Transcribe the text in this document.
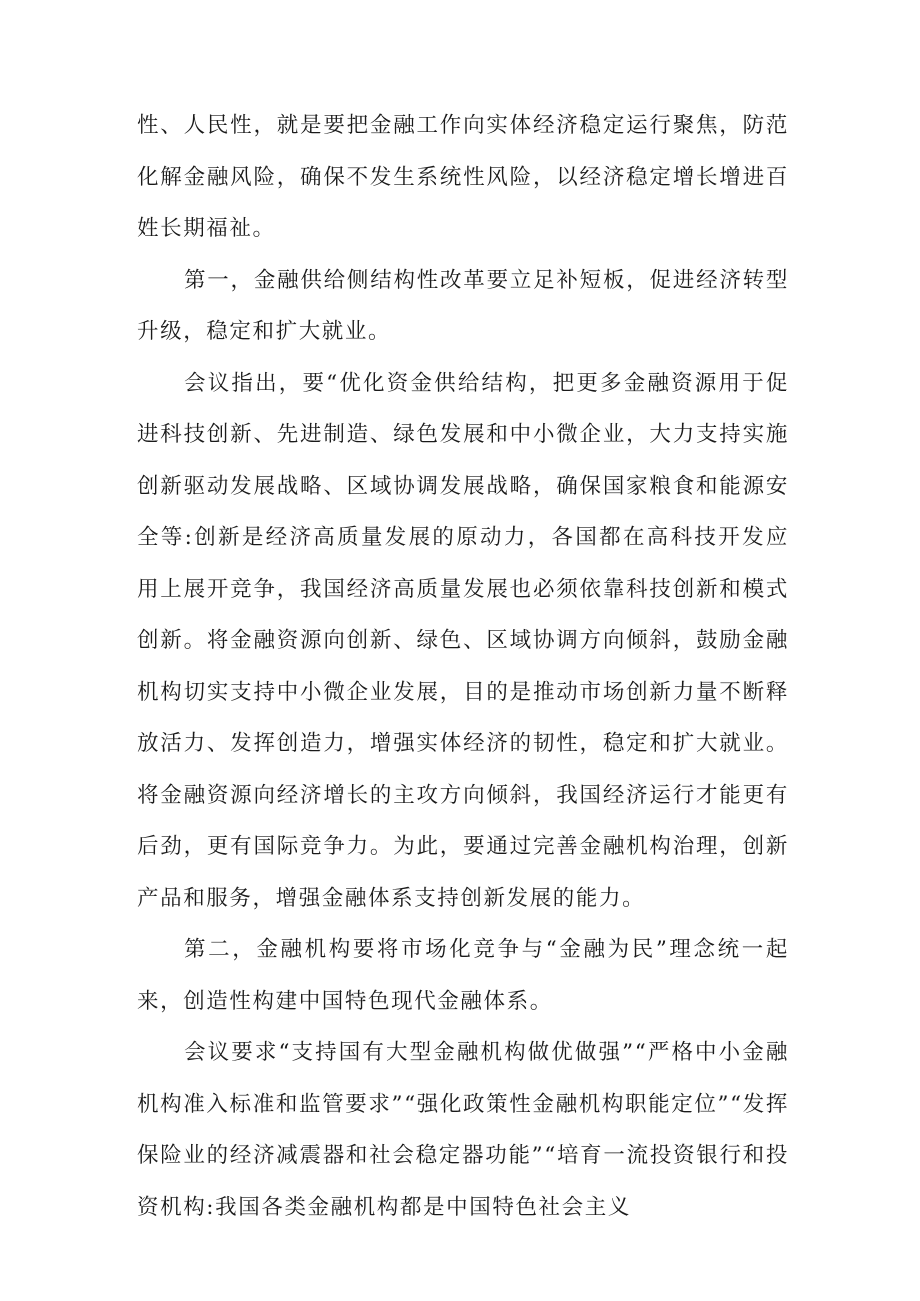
性、人民性，就是要把金融工作向实体经济稳定运行聚焦，防范化解金融风险，确保不发生系统性风险，以经济稳定增长增进百姓长期福祉。

第一，金融供给侧结构性改革要立足补短板，促进经济转型升级，稳定和扩大就业。

会议指出，要“优化资金供给结构，把更多金融资源用于促进科技创新、先进制造、绿色发展和中小微企业，大力支持实施创新驱动发展战略、区域协调发展战略，确保国家粮食和能源安全等:创新是经济高质量发展的原动力，各国都在高科技开发应用上展开竞争，我国经济高质量发展也必须依靠科技创新和模式创新。将金融资源向创新、绿色、区域协调方向倾斜，鼓励金融机构切实支持中小微企业发展，目的是推动市场创新力量不断释放活力、发挥创造力，增强实体经济的韧性，稳定和扩大就业。将金融资源向经济增长的主攻方向倾斜，我国经济运行才能更有后劲，更有国际竞争力。为此，要通过完善金融机构治理，创新产品和服务，增强金融体系支持创新发展的能力。

第二，金融机构要将市场化竞争与“金融为民”理念统一起来，创造性构建中国特色现代金融体系。

会议要求“支持国有大型金融机构做优做强”“严格中小金融机构准入标准和监管要求”“强化政策性金融机构职能定位”“发挥保险业的经济减震器和社会稳定器功能”“培育一流投资银行和投资机构:我国各类金融机构都是中国特色社会主义
